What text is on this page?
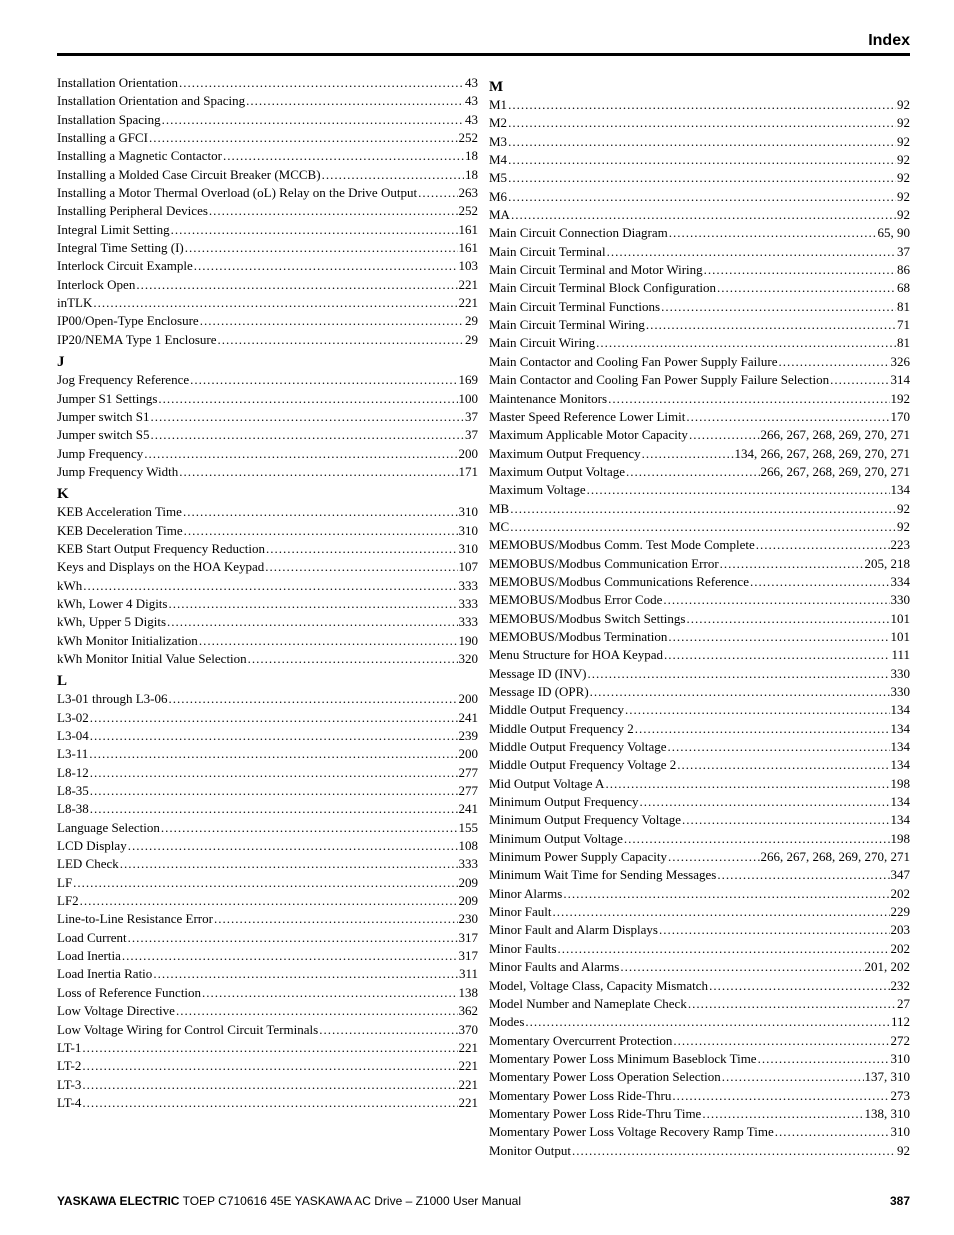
Index
Installation Orientation .....	43
Installation Orientation and Spacing .....	43
Installation Spacing .....	43
Installing a GFCI .....	252
Installing a Magnetic Contactor .....	18
Installing a Molded Case Circuit Breaker (MCCB) .....	18
Installing a Motor Thermal Overload (oL) Relay on the Drive Output .....	263
Installing Peripheral Devices .....	252
Integral Limit Setting .....	161
Integral Time Setting (I) .....	161
Interlock Circuit Example .....	103
Interlock Open .....	221
inTLK .....	221
IP00/Open-Type Enclosure .....	29
IP20/NEMA Type 1 Enclosure .....	29
J
Jog Frequency Reference .....	169
Jumper S1 Settings .....	100
Jumper switch S1 .....	37
Jumper switch S5 .....	37
Jump Frequency .....	200
Jump Frequency Width .....	171
K
KEB Acceleration Time .....	310
KEB Deceleration Time .....	310
KEB Start Output Frequency Reduction .....	310
Keys and Displays on the HOA Keypad .....	107
kWh .....	333
kWh, Lower 4 Digits .....	333
kWh, Upper 5 Digits .....	333
kWh Monitor Initialization .....	190
kWh Monitor Initial Value Selection .....	320
L
L3-01 through L3-06 .....	200
L3-02 .....	241
L3-04 .....	239
L3-11 .....	200
L8-12 .....	277
L8-35 .....	277
L8-38 .....	241
Language Selection .....	155
LCD Display .....	108
LED Check .....	333
LF .....	209
LF2 .....	209
Line-to-Line Resistance Error .....	230
Load Current .....	317
Load Inertia .....	317
Load Inertia Ratio .....	311
Loss of Reference Function .....	138
Low Voltage Directive .....	362
Low Voltage Wiring for Control Circuit Terminals .....	370
LT-1 .....	221
LT-2 .....	221
LT-3 .....	221
LT-4 .....	221
M
M1 .....	92
M2 .....	92
M3 .....	92
M4 .....	92
M5 .....	92
M6 .....	92
MA .....	92
Main Circuit Connection Diagram .....	65, 90
Main Circuit Terminal .....	37
Main Circuit Terminal and Motor Wiring .....	86
Main Circuit Terminal Block Configuration .....	68
Main Circuit Terminal Functions .....	81
Main Circuit Terminal Wiring .....	71
Main Circuit Wiring .....	81
Main Contactor and Cooling Fan Power Supply Failure .....	326
Main Contactor and Cooling Fan Power Supply Failure Selection .....	314
Maintenance Monitors .....	192
Master Speed Reference Lower Limit .....	170
Maximum Applicable Motor Capacity .....	266, 267, 268, 269, 270, 271
Maximum Output Frequency .....	134, 266, 267, 268, 269, 270, 271
Maximum Output Voltage .....	266, 267, 268, 269, 270, 271
Maximum Voltage .....	134
MB .....	92
MC .....	92
MEMOBUS/Modbus Comm. Test Mode Complete .....	223
MEMOBUS/Modbus Communication Error .....	205, 218
MEMOBUS/Modbus Communications Reference .....	334
MEMOBUS/Modbus Error Code .....	330
MEMOBUS/Modbus Switch Settings .....	101
MEMOBUS/Modbus Termination .....	101
Menu Structure for HOA Keypad .....	111
Message ID (INV) .....	330
Message ID (OPR) .....	330
Middle Output Frequency .....	134
Middle Output Frequency 2 .....	134
Middle Output Frequency Voltage .....	134
Middle Output Frequency Voltage 2 .....	134
Mid Output Voltage A .....	198
Minimum Output Frequency .....	134
Minimum Output Frequency Voltage .....	134
Minimum Output Voltage .....	198
Minimum Power Supply Capacity .....	266, 267, 268, 269, 270, 271
Minimum Wait Time for Sending Messages .....	347
Minor Alarms .....	202
Minor Fault .....	229
Minor Fault and Alarm Displays .....	203
Minor Faults .....	202
Minor Faults and Alarms .....	201, 202
Model, Voltage Class, Capacity Mismatch .....	232
Model Number and Nameplate Check .....	27
Modes .....	112
Momentary Overcurrent Protection .....	272
Momentary Power Loss Minimum Baseblock Time .....	310
Momentary Power Loss Operation Selection .....	137, 310
Momentary Power Loss Ride-Thru .....	273
Momentary Power Loss Ride-Thru Time .....	138, 310
Momentary Power Loss Voltage Recovery Ramp Time .....	310
Monitor Output .....	92
YASKAWA ELECTRIC TOEP C710616 45E YASKAWA AC Drive – Z1000 User Manual	387
